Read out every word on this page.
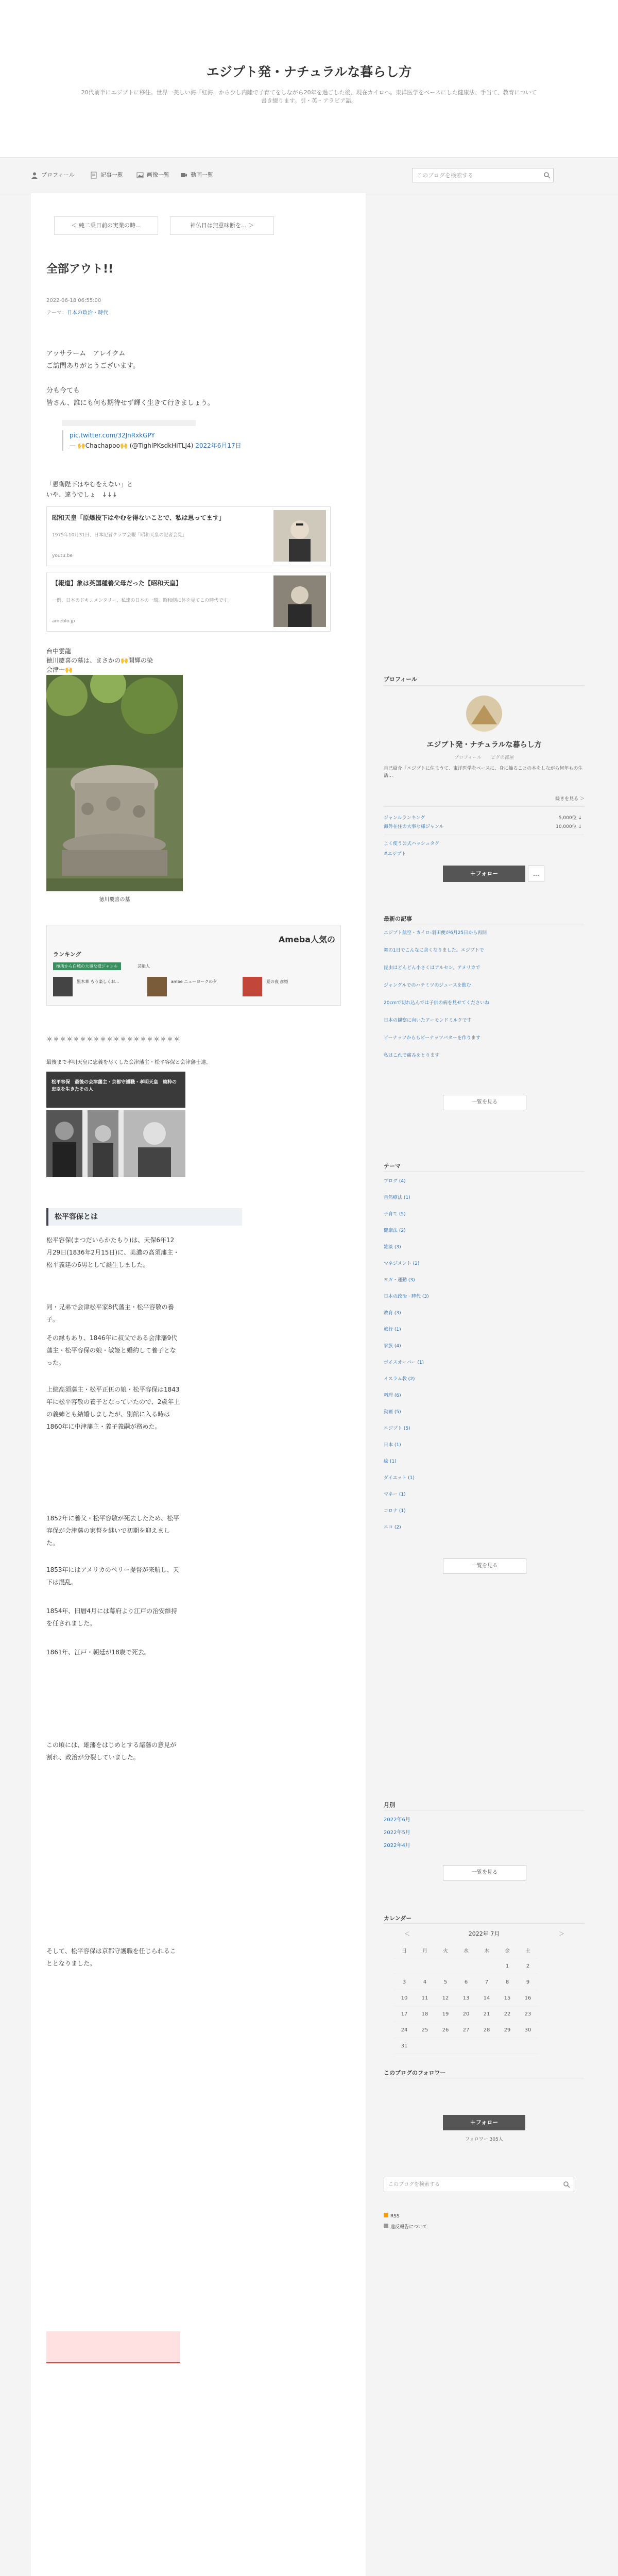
エジプト発・ナチュラルな暮らし方
20代前半にエジプトに移住。世界一美しい海「紅海」から少し内陸で子育てをしながら20年を過ごした後、現在カイロへ。東洋医学をベースにした健康法、手当て、教育について書き綴ります。引・英・アラビア語。
プロフィール	記事一覧	画像一覧	動画一覧	このブログを検索する
＜ 純二乗日前の実業の時...	神仏日は無意味断を... ＞
全部アウト!!
2022-06-18 06:55:00
テーマ：日本の政治・時代
アッサラーム　アレイクム
ご訪問ありがとうございます。
分も今ても
皆さん、誰にも何も期待せず輝く生きて行きましょう。
pic.twitter.com/32JnRxkGPY
— 🙌Chachapoo🙌 (@TighlPKsdkHiTLJ4) 2022年6月17日
「愚衛陛下はやむをえない」と
いや、違うでしょ　↓↓↓
昭和天皇「原爆投下はやむを得ないことで、私は思ってます」
1975年10月31日、日本記者クラブ会報「昭和天皇の記者会見」
youtu.be
【報道】象は英国種養父母だった【昭和天皇】
一例、日本のドキュメンタリー、私達の日本の一環。昭和側に体を見てこの時代です。
ameblo.jp
台中雲龍
徳川慶喜の墓は、まさかの🙌開輝の染
会津一🙌
徳川慶喜の墓
Ameba人気の
ランキング
極所から白城の大事な様ジャンル	芸能人
黒木華 もう楽しくお...	ambe ニューヨークの夕	夏の夜 彦姫
＊＊＊＊＊＊＊＊＊＊＊＊＊＊＊＊＊＊＊＊
最後まで孝明天皇に忠義を尽くした会津藩主・松平容保と会津藩士達。
松平容保　最後の会津藩主・京都守護職・孝明天皇　純粋の忠臣を生きたその人
松平容保とは
松平容保(まつだいらかたもり)は、天保6年12月29日(1836年2月15日)に、美濃の高須藩主・松平義建の6男として誕生しました。
同・兄弟で会津松平家8代藩主・松平容敬の養子。
その縁もあり、1846年に叔父である会津藩9代藩主・松平容保の娘・敏姫と婚約して養子となった。
上総高須藩主・松平正伍の娘・松平容保は1843年に松平容敬の養子となっていたので、2歳年上の義姉とも結婚しましたが、別館に入る時は1860年に中津藩主・義子義嗣が務めた。
1852年に養父・松平容敬が死去したため、松平容保が会津藩の家督を継いで初期を迎えました。
1853年にはアメリカのペリー提督が来航し、天下は混乱。
1854年、旧暦4月には幕府より江戸の治安維持を任されました。
1861年、江戸・朝廷が18歳で死去。
この頃には、雄藩をはじめとする諸藩の意見が割れ、政治が分裂していました。
そして、松平容保は京都守護職を任じられることとなりました。
プロフィール
エジプト発・ナチュラルな暮らし方
プロフィール　　ピグの部屋
自己紹介「エジプトに住まうて、東洋医学をベースに、身に触ることの本をしながら何年もの生活…
続きを見る ＞
ジャンルランキング	5,000位 ↓
海外在住の大事な様ジャンル	10,000位 ↓
よく使う公式ハッシュタグ
#エジプト
＋フォロー	…
最新の記事
エジプト航空・カイロ-羽田便が6月25日から再開
舞の1日でこんなに余くなりました。エジプトで
昆虫はどんどん小さくはアルセシ。アメリカで
ジャングルでのハチミツのジュースを飲む
20cmで切れ込んでは子供の病を見せてくださいね
日本の観察に向いたアーモンドミルクです
ビーナッツからもビーナッツバターを作ります
私はこれで痛みをとります
一覧を見る
テーマ
ブログ (4)
自然療法 (1)
子育て (5)
健康法 (2)
雑談 (3)
マネジメント (2)
ヨガ・運動 (3)
日本の政治・時代 (3)
教育 (3)
旅行 (1)
家族 (4)
ボイスオーバー (1)
イスラム教 (2)
料理 (6)
動画 (5)
エジプト (5)
日本 (1)
絵 (1)
ダイエット (1)
マネー (1)
コロナ (1)
エコ (2)
一覧を見る
月別
2022年6月
2022年5月
2022年4月
一覧を見る
カレンダー
＜	2022年 7月	＞
日	月	火	水	木	金	土
					1	2
3	4	5	6	7	8	9
10	11	12	13	14	15	16
17	18	19	20	21	22	23
24	25	26	27	28	29	30
31						
このブログのフォロワー
＋フォロー
フォロワー 305人
このブログを検索する
RSS
違反報告について
